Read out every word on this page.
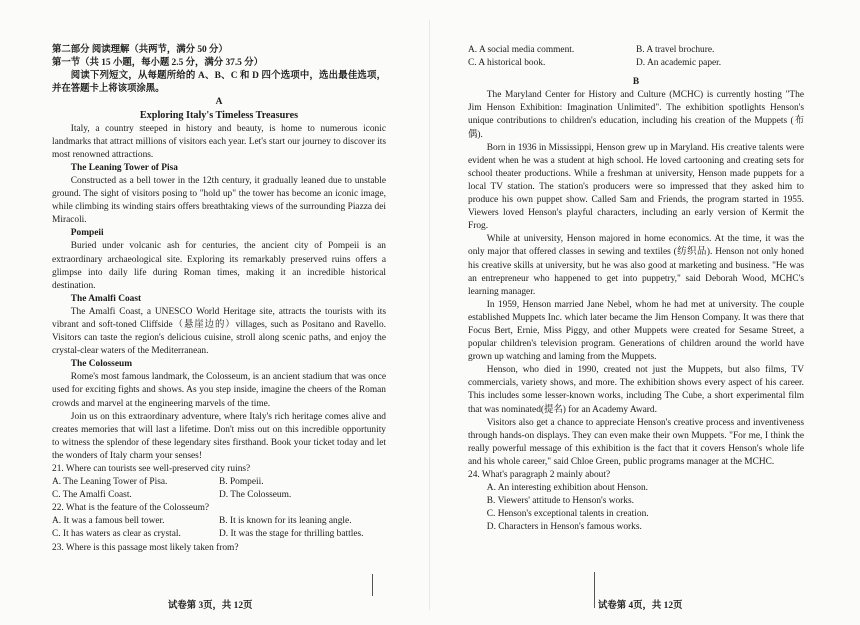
第二部分 阅读理解（共两节，满分 50 分）

第一节（共 15 小题，每小题 2.5 分，满分 37.5 分）

阅读下列短文，从每题所给的 A、B、C 和 D 四个选项中，选出最佳选项，并在答题卡上将该项涂黑。

A

Exploring Italy's Timeless Treasures

Italy, a country steeped in history and beauty, is home to numerous iconic landmarks that attract millions of visitors each year. Let's start our journey to discover its most renowned attractions.

The Leaning Tower of Pisa

Constructed as a bell tower in the 12th century, it gradually leaned due to unstable ground. The sight of visitors posing to "hold up" the tower has become an iconic image, while climbing its winding stairs offers breathtaking views of the surrounding Piazza dei Miracoli.

Pompeii

Buried under volcanic ash for centuries, the ancient city of Pompeii is an extraordinary archaeological site. Exploring its remarkably preserved ruins offers a glimpse into daily life during Roman times, making it an incredible historical destination.

The Amalfi Coast

The Amalfi Coast, a UNESCO World Heritage site, attracts the tourists with its vibrant and soft-toned Cliffside（悬崖边的）villages, such as Positano and Ravello. Visitors can taste the region's delicious cuisine, stroll along scenic paths, and enjoy the crystal-clear waters of the Mediterranean.

The Colosseum

Rome's most famous landmark, the Colosseum, is an ancient stadium that was once used for exciting fights and shows. As you step inside, imagine the cheers of the Roman crowds and marvel at the engineering marvels of the time.

Join us on this extraordinary adventure, where Italy's rich heritage comes alive and creates memories that will last a lifetime. Don't miss out on this incredible opportunity to witness the splendor of these legendary sites firsthand. Book your ticket today and let the wonders of Italy charm your senses!

21. Where can tourists see well-preserved city ruins?

A. The Leaning Tower of Pisa.	B. Pompeii.
C. The Amalfi Coast.	D. The Colosseum.

22. What is the feature of the Colosseum?

A. It was a famous bell tower.	B. It is known for its leaning angle.
C. It has waters as clear as crystal.	D. It was the stage for thrilling battles.

23. Where is this passage most likely taken from?

试卷第 3页，共 12页
A. A social media comment.	B. A travel brochure.
C. A historical book.	D. An academic paper.

B

The Maryland Center for History and Culture (MCHC) is currently hosting "The Jim Henson Exhibition: Imagination Unlimited". The exhibition spotlights Henson's unique contributions to children's education, including his creation of the Muppets (布偶).

Born in 1936 in Mississippi, Henson grew up in Maryland. His creative talents were evident when he was a student at high school. He loved cartooning and creating sets for school theater productions. While a freshman at university, Henson made puppets for a local TV station. The station's producers were so impressed that they asked him to produce his own puppet show. Called Sam and Friends, the program started in 1955. Viewers loved Henson's playful characters, including an early version of Kermit the Frog.

While at university, Henson majored in home economics. At the time, it was the only major that offered classes in sewing and textiles (纺织品). Henson not only honed his creative skills at university, but he was also good at marketing and business. "He was an entrepreneur who happened to get into puppetry," said Deborah Wood, MCHC's learning manager.

In 1959, Henson married Jane Nebel, whom he had met at university. The couple established Muppets Inc. which later became the Jim Henson Company. It was there that Focus Bert, Ernie, Miss Piggy, and other Muppets were created for Sesame Street, a popular children's television program. Generations of children around the world have grown up watching and laming from the Muppets.

Henson, who died in 1990, created not just the Muppets, but also films, TV commercials, variety shows, and more. The exhibition shows every aspect of his career. This includes some lesser-known works, including The Cube, a short experimental film that was nominated(提名) for an Academy Award.

Visitors also get a chance to appreciate Henson's creative process and inventiveness through hands-on displays. They can even make their own Muppets. "For me, I think the really powerful message of this exhibition is the fact that it covers Henson's whole life and his whole career," said Chloe Green, public programs manager at the MCHC.

24. What's paragraph 2 mainly about?

A. An interesting exhibition about Henson.
B. Viewers' attitude to Henson's works.
C. Henson's exceptional talents in creation.
D. Characters in Henson's famous works.
试卷第 4页，共 12页
